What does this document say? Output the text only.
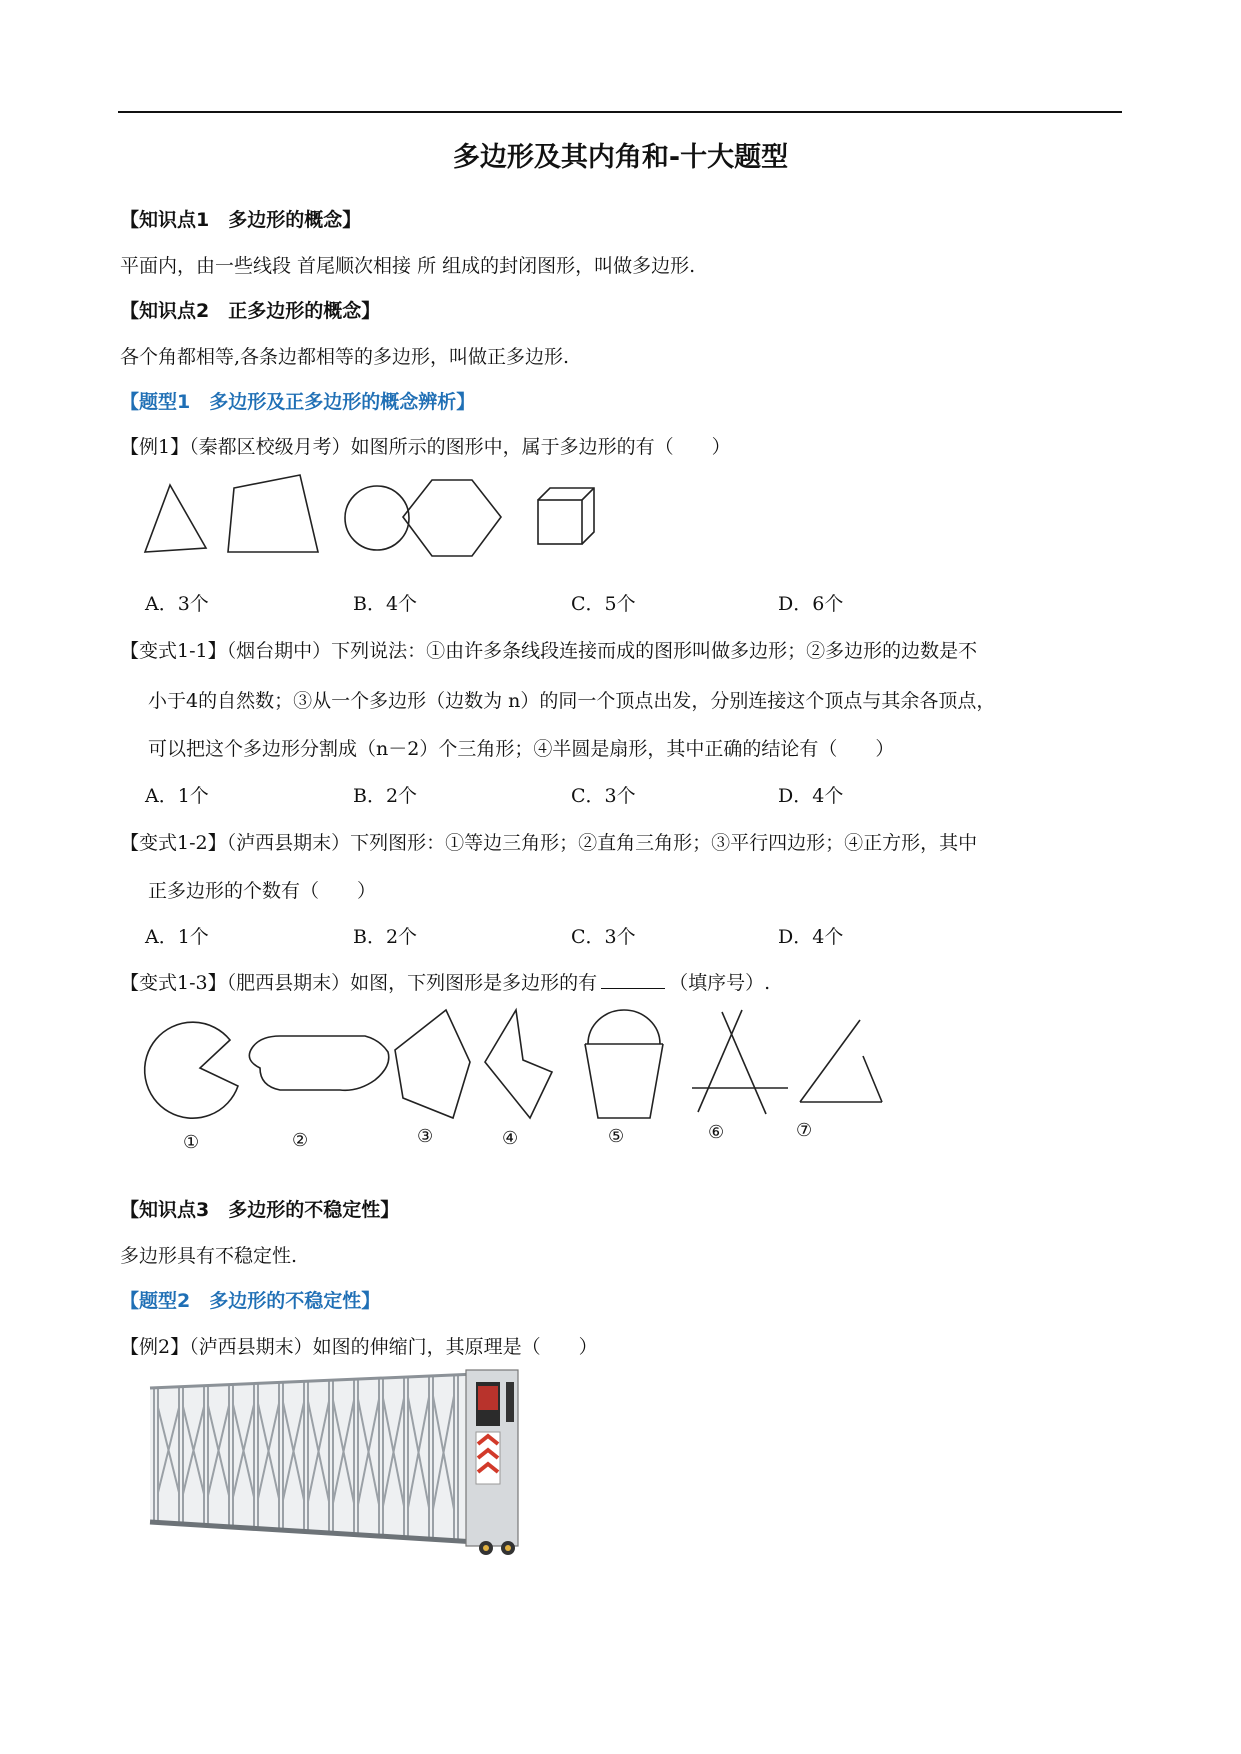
多边形及其内角和-十大题型
【知识点1　多边形的概念】
平面内，由一些线段 首尾顺次相接 所 组成的封闭图形，叫做多边形.
【知识点2　正多边形的概念】
各个角都相等,各条边都相等的多边形，叫做正多边形.
【题型1　多边形及正多边形的概念辨析】
【例1】（秦都区校级月考）如图所示的图形中，属于多边形的有（　　）
A．3个	B．4个	C．5个	D．6个
【变式1-1】（烟台期中）下列说法：①由许多条线段连接而成的图形叫做多边形；②多边形的边数是不
小于4的自然数；③从一个多边形（边数为 n）的同一个顶点出发，分别连接这个顶点与其余各顶点，
可以把这个多边形分割成（n－2）个三角形；④半圆是扇形，其中正确的结论有（　　）
A．1个	B．2个	C．3个	D．4个
【变式1-2】（泸西县期末）下列图形：①等边三角形；②直角三角形；③平行四边形；④正方形，其中
正多边形的个数有（　　）
A．1个	B．2个	C．3个	D．4个
【变式1-3】（肥西县期末）如图，下列图形是多边形的有	（填序号）.
①	②	③	④	⑤	⑥	⑦
【知识点3　多边形的不稳定性】
多边形具有不稳定性.
【题型2　多边形的不稳定性】
【例2】（泸西县期末）如图的伸缩门，其原理是（　　）
